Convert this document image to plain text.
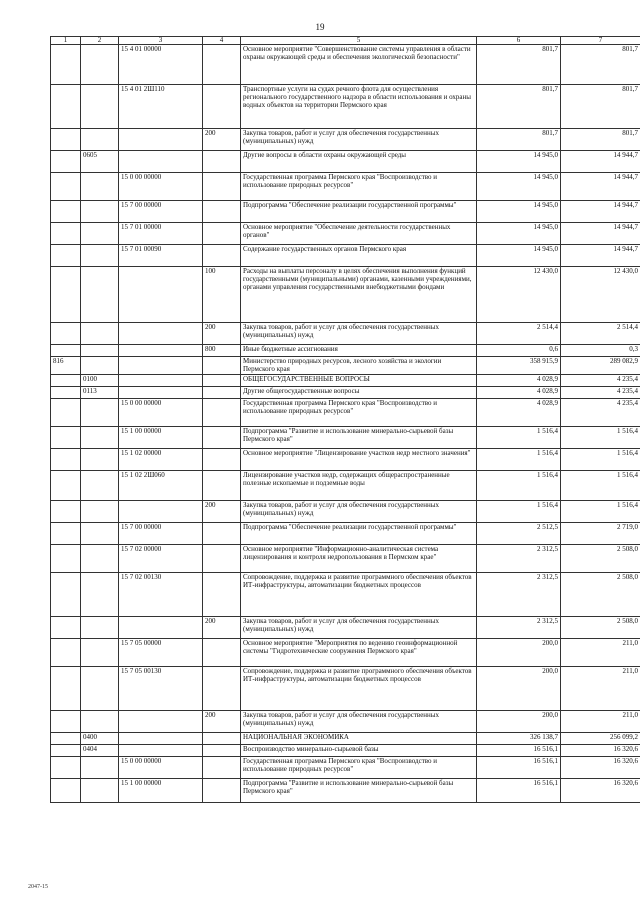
19
1	2	3	4	5	6	7
		15 4 01 00000		Основное мероприятие "Совершенствование системы управления в области охраны окружающей среды и обеспечения экологической безопасности"	801,7	801,7
		15 4 01 2Ш110		Транспортные услуги на судах речного флота для осуществления регионального государственного надзора в области использования и охраны водных объектов на территории Пермского края	801,7	801,7
			200	Закупка товаров, работ и услуг для обеспечения государственных (муниципальных) нужд	801,7	801,7
	0605			Другие вопросы в области охраны окружающей среды	14 945,0	14 944,7
		15 0 00 00000		Государственная программа Пермского края "Воспроизводство и использование природных ресурсов"	14 945,0	14 944,7
		15 7 00 00000		Подпрограмма "Обеспечение реализации государственной программы"	14 945,0	14 944,7
		15 7 01 00000		Основное мероприятие "Обеспечение деятельности государственных органов"	14 945,0	14 944,7
		15 7 01 00090		Содержание государственных органов Пермского края	14 945,0	14 944,7
			100	Расходы на выплаты персоналу в целях обеспечения выполнения функций государственными (муниципальными) органами, казенными учреждениями, органами управления государственными внебюджетными фондами	12 430,0	12 430,0
			200	Закупка товаров, работ и услуг для обеспечения государственных (муниципальных) нужд	2 514,4	2 514,4
			800	Иные бюджетные ассигнования	0,6	0,3
816				Министерство природных ресурсов, лесного хозяйства и экологии Пермского края	358 915,9	289 082,9
	0100			ОБЩЕГОСУДАРСТВЕННЫЕ ВОПРОСЫ	4 028,9	4 235,4
	0113			Другие общегосударственные вопросы	4 028,9	4 235,4
		15 0 00 00000		Государственная программа Пермского края "Воспроизводство и использование природных ресурсов"	4 028,9	4 235,4
		15 1 00 00000		Подпрограмма "Развитие и использование минерально-сырьевой базы Пермского края"	1 516,4	1 516,4
		15 1 02 00000		Основное мероприятие "Лицензирование участков недр местного значения"	1 516,4	1 516,4
		15 1 02 2Ш060		Лицензирование участков недр, содержащих общераспространенные полезные ископаемые и подземные воды	1 516,4	1 516,4
			200	Закупка товаров, работ и услуг для обеспечения государственных (муниципальных) нужд	1 516,4	1 516,4
		15 7 00 00000		Подпрограмма "Обеспечение реализации государственной программы"	2 512,5	2 719,0
		15 7 02 00000		Основное мероприятие "Информационно-аналитическая система лицензирования и контроля недропользования в Пермском крае"	2 312,5	2 508,0
		15 7 02 00130		Сопровождение, поддержка и развитие программного обеспечения объектов ИТ-инфраструктуры, автоматизации бюджетных процессов	2 312,5	2 508,0
			200	Закупка товаров, работ и услуг для обеспечения государственных (муниципальных) нужд	2 312,5	2 508,0
		15 7 05 00000		Основное мероприятие "Мероприятия по ведению геоинформационной системы "Гидротехнические сооружения Пермского края"	200,0	211,0
		15 7 05 00130		Сопровождение, поддержка и развитие программного обеспечения объектов ИТ-инфраструктуры, автоматизации бюджетных процессов	200,0	211,0
			200	Закупка товаров, работ и услуг для обеспечения государственных (муниципальных) нужд	200,0	211,0
	0400			НАЦИОНАЛЬНАЯ ЭКОНОМИКА	326 138,7	256 099,2
	0404			Воспроизводство минерально-сырьевой базы	16 516,1	16 320,6
		15 0 00 00000		Государственная программа Пермского края "Воспроизводство и использование природных ресурсов"	16 516,1	16 320,6
		15 1 00 00000		Подпрограмма "Развитие и использование минерально-сырьевой базы Пермского края"	16 516,1	16 320,6
2047-15
